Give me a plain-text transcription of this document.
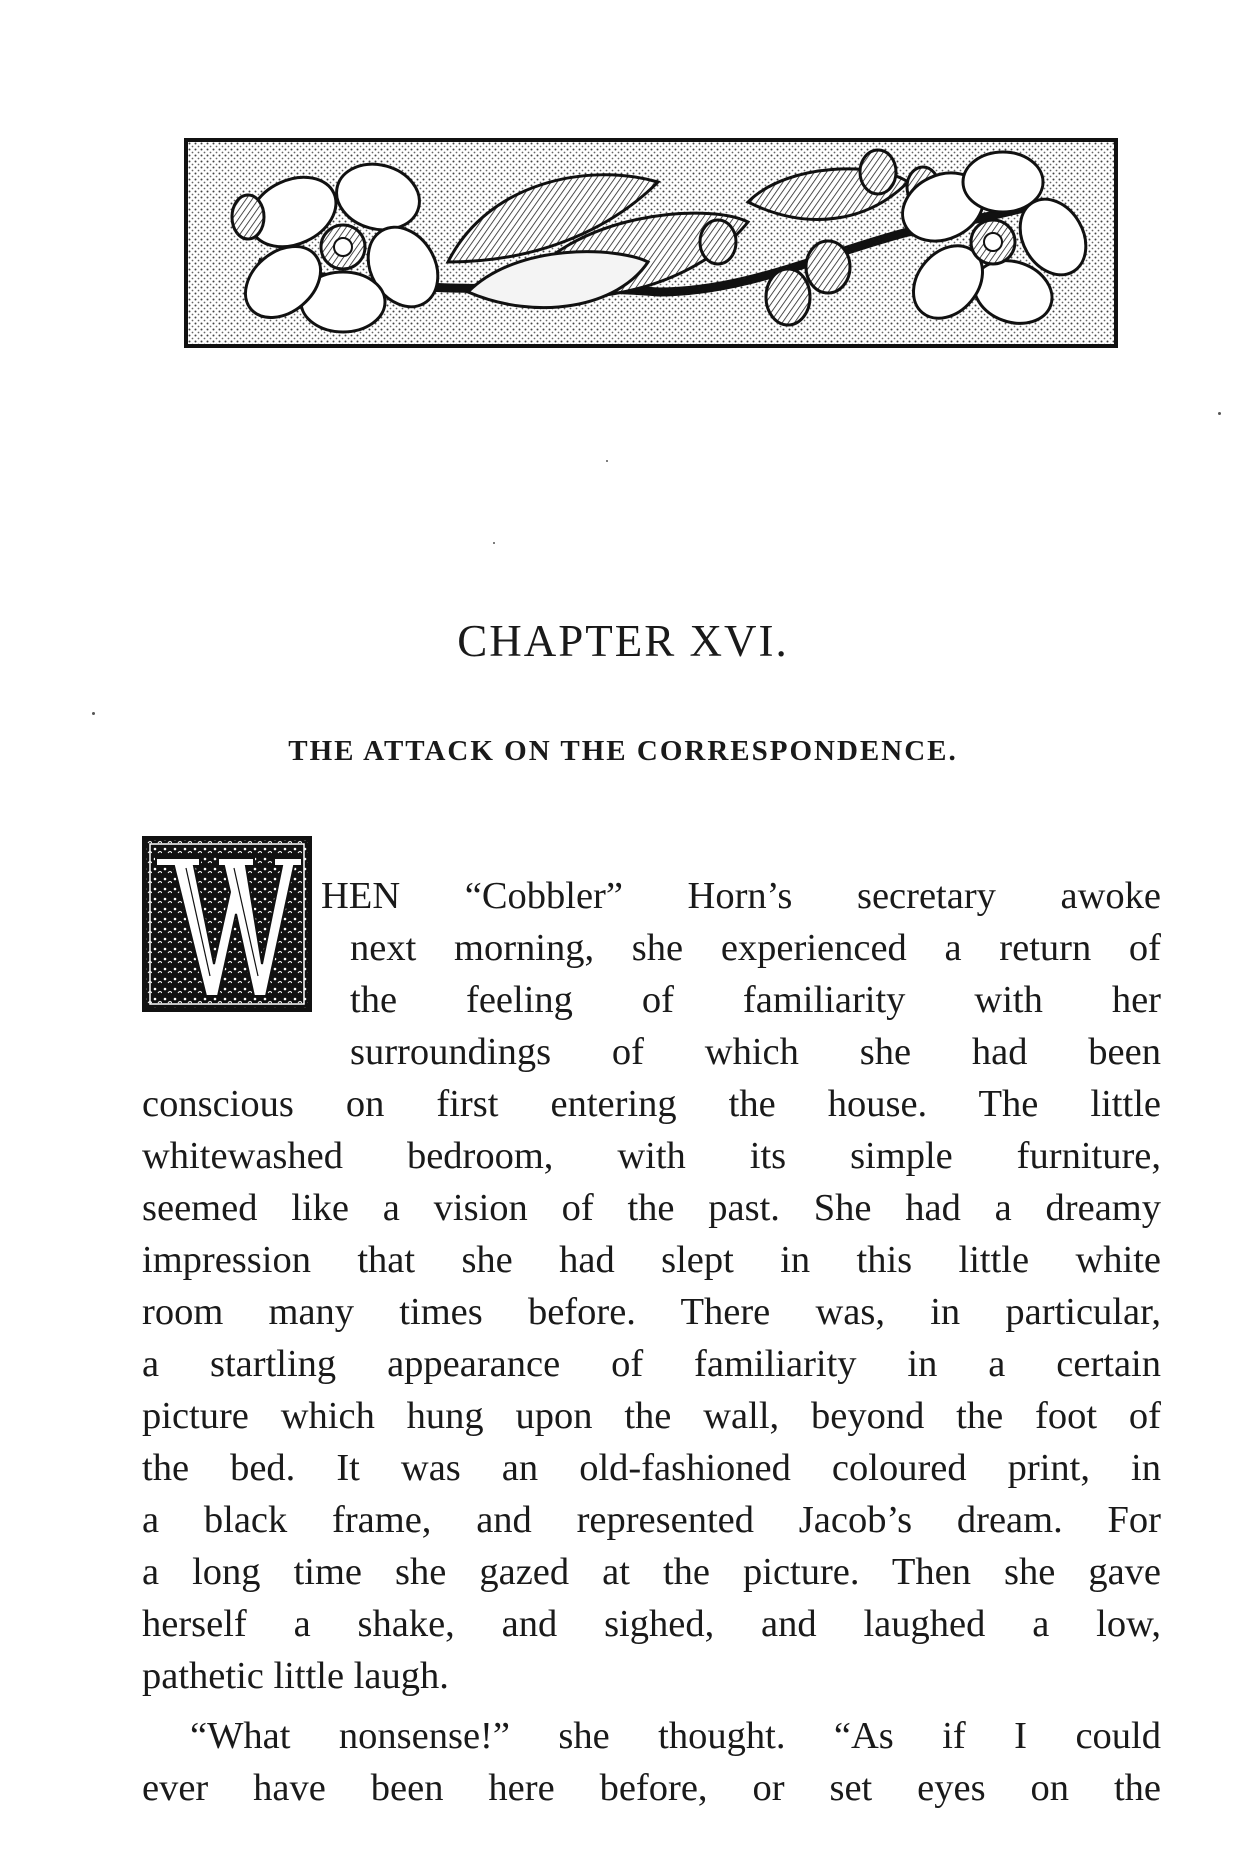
CHAPTER XVI.
THE ATTACK ON THE CORRESPONDENCE.
HEN “Cobbler” Horn’s secretary awoke
next morning, she experienced a return of
the feeling of familiarity with her
surroundings of which she had been
conscious on first entering the house. The little
whitewashed bedroom, with its simple furniture,
seemed like a vision of the past. She had a dreamy
impression that she had slept in this little white
room many times before. There was, in particular,
a startling appearance of familiarity in a certain
picture which hung upon the wall, beyond the foot of
the bed. It was an old-fashioned coloured print, in
a black frame, and represented Jacob’s dream. For
a long time she gazed at the picture. Then she gave
herself a shake, and sighed, and laughed a low,
pathetic little laugh.
“What nonsense!” she thought. “As if I could
ever have been here before, or set eyes on the
